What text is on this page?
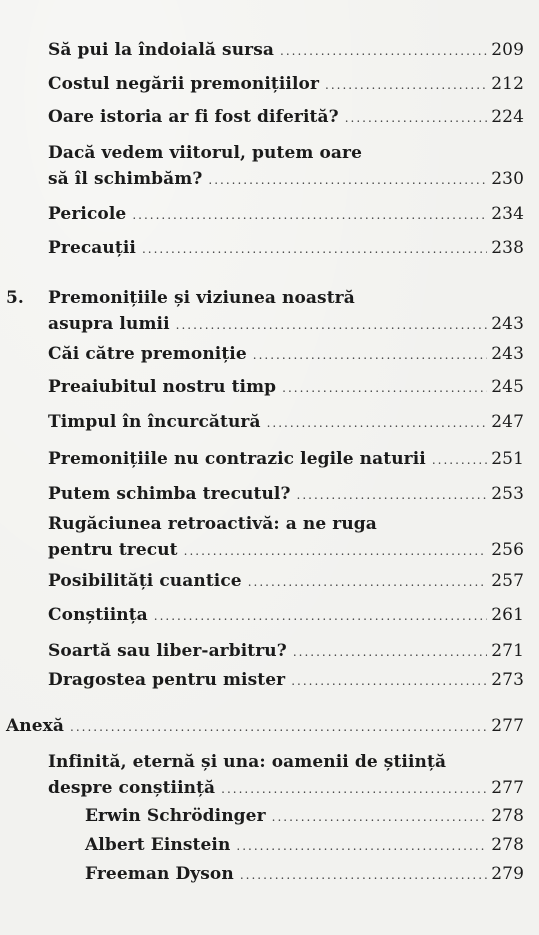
Să pui la îndoială sursa .....	209
Costul negării premonițiilor .....	212
Oare istoria ar fi fost diferită? .....	224
Dacă vedem viitorul, putem oare
să îl schimbăm? .....	230
Pericole .....	234
Precauții .....	238
5. Premonițiile și viziunea noastră
asupra lumii .....	243
Căi către premoniție .....	243
Preaiubitul nostru timp .....	245
Timpul în încurcătură .....	247
Premonițiile nu contrazic legile naturii .....	251
Putem schimba trecutul? .....	253
Rugăciunea retroactivă: a ne ruga
pentru trecut .....	256
Posibilități cuantice .....	257
Conștiința .....	261
Soartă sau liber-arbitru? .....	271
Dragostea pentru mister .....	273
Anexă .....	277
Infinită, eternă și una: oamenii de știință
despre conștiință .....	277
Erwin Schrödinger .....	278
Albert Einstein .....	278
Freeman Dyson .....	279
